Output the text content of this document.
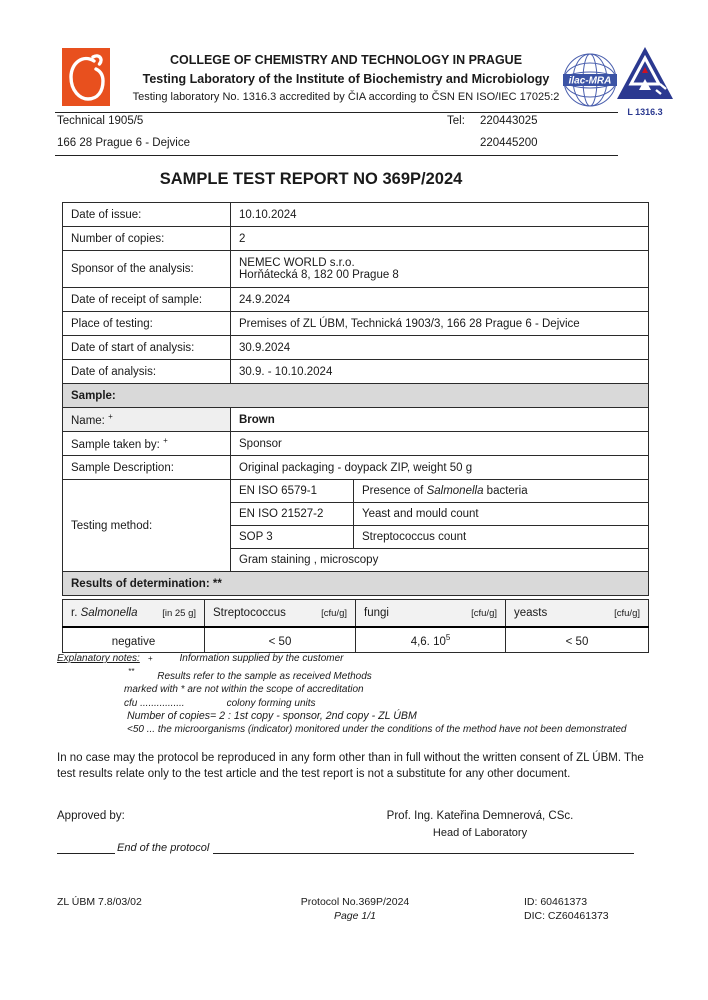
COLLEGE OF CHEMISTRY AND TECHNOLOGY IN PRAGUE
Testing Laboratory of the Institute of Biochemistry and Microbiology
Testing laboratory No. 1316.3 accredited by ČIA according to ČSN EN ISO/IEC 17025:2
ilac-MRA
L 1316.3
Technical 1905/5	Tel: 220443025
166 28 Prague 6 - Dejvice	220445200
SAMPLE TEST REPORT NO 369P/2024
Date of issue:	10.10.2024	
Number of copies:	2	
Sponsor of the analysis:	NEMEC WORLD s.r.o.
Horňátecká 8, 182 00 Prague 8	

Date of receipt of sample:	24.9.2024	
Place of testing:	Premises of ZL ÚBM, Technická 1903/3, 166 28 Prague 6 - Dejvice	
Date of start of analysis:	30.9.2024	
Date of analysis:	30.9. - 10.10.2024	
Sample:		
Name: +	Brown	
Sample taken by: +	Sponsor	
Sample Description:	Original packaging - doypack ZIP, weight 50 g	
Testing method:	EN ISO 6579-1	Presence of Salmonella bacteria
	EN ISO 21527-2	Yeast and mould count
	SOP 3	Streptococcus count
	Gram staining , microscopy	
Results of determination: **		
r. Salmonella [in 25 g]	Streptococcus [cfu/g]	fungi [cfu/g]	yeasts [cfu/g]

negative	< 50	4,6. $10^5$	< 50
Explanatory notes: +	Information supplied by the customer
** Results refer to the sample as received Methods
marked with * are not within the scope of accreditation
cfu ................	colony forming units
Number of copies= 2 : 1st copy - sponsor, 2nd copy - ZL ÚBM
<50 ... the microorganisms (indicator) monitored under the conditions of the method have not been demonstrated
In no case may the protocol be reproduced in any form other than in full without the written consent of ZL ÚBM. The test results relate only to the test article and the test report is not a substitute for any other document.
Approved by:	Prof. Ing. Kateřina Demnerová, CSc.
Head of Laboratory
End of the protocol
ZL ÚBM 7.8/03/02	Protocol No.369P/2024
Page 1/1
ID: 60461373
DIC: CZ60461373
